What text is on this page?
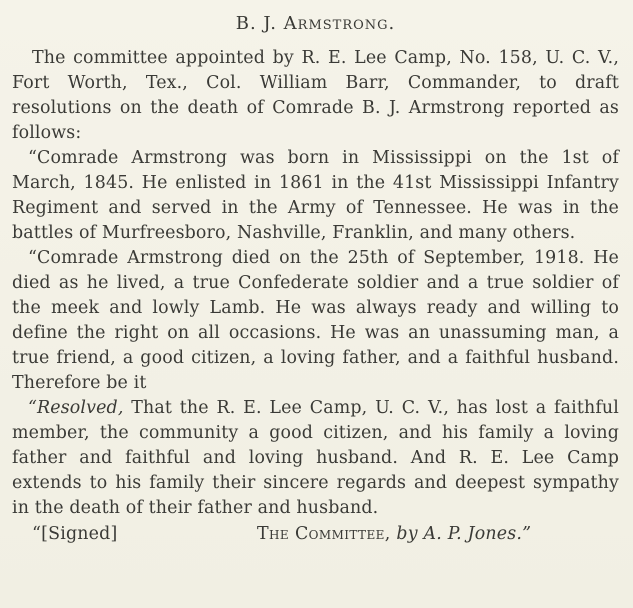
B. J. Armstrong.

The committee appointed by R. E. Lee Camp, No. 158, U. C. V., Fort Worth, Tex., Col. William Barr, Commander, to draft resolutions on the death of Comrade B. J. Armstrong reported as follows:

“Comrade Armstrong was born in Mississippi on the 1st of March, 1845. He enlisted in 1861 in the 41st Mississippi Infantry Regiment and served in the Army of Tennessee. He was in the battles of Murfreesboro, Nashville, Franklin, and many others.

“Comrade Armstrong died on the 25th of September, 1918. He died as he lived, a true Confederate soldier and a true soldier of the meek and lowly Lamb. He was always ready and willing to define the right on all occasions. He was an unassuming man, a true friend, a good citizen, a loving father, and a faithful husband. Therefore be it

“Resolved, That the R. E. Lee Camp, U. C. V., has lost a faithful member, the community a good citizen, and his family a loving father and faithful and loving husband. And R. E. Lee Camp extends to his family their sincere regards and deepest sympathy in the death of their father and husband.

“[Signed]	The Committee, by A. P. Jones.”
